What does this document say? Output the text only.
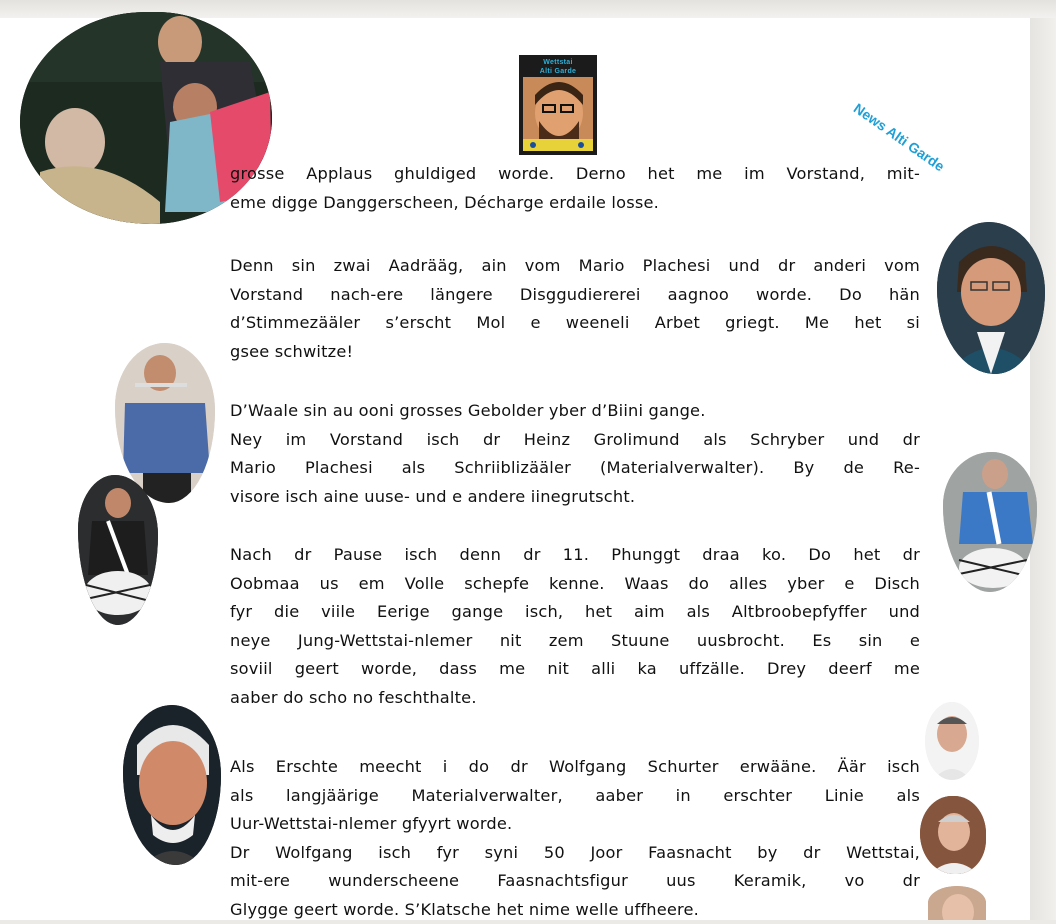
Wettstai
Alti Garde
News Alti Garde

grosse Applaus ghuldiged worde. Derno het me im Vorstand, mit-

eme digge Danggerscheen, Décharge erdaile losse.

Denn sin zwai Aadrääg, ain vom Mario Plachesi und dr anderi vom

Vorstand nach-ere längere Disggudiererei aagnoo worde. Do hän

d’Stimmezääler s’erscht Mol e weeneli Arbet griegt. Me het si

gsee schwitze!

D’Waale sin au ooni grosses Gebolder yber d’Biini gange.

Ney im Vorstand isch dr Heinz Grolimund als Schryber und dr

Mario Plachesi als Schriiblizääler (Materialverwalter). By de Re-

visore isch aine uuse- und e andere iinegrutscht.

Nach dr Pause isch denn dr 11. Phunggt draa ko. Do het dr

Oobmaa us em Volle schepfe kenne. Waas do alles yber e Disch

fyr die viile Eerige gange isch, het aim als Altbroobepfyffer und

neye Jung-Wettstai-nlemer nit zem Stuune uusbrocht. Es sin e

soviil geert worde, dass me nit alli ka uffzälle. Drey deerf me

aaber do scho no feschthalte.

Als Erschte meecht i do dr Wolfgang Schurter erwääne. Äär isch

als langjäärige Materialverwalter, aaber in erschter Linie als

Uur-Wettstai-nlemer gfyyrt worde.

Dr Wolfgang isch fyr syni 50 Joor Faasnacht by dr Wettstai,

mit-ere wunderscheene Faasnachtsfigur uus Keramik, vo dr

Glygge geert worde. S’Klatsche het nime welle uffheere.
